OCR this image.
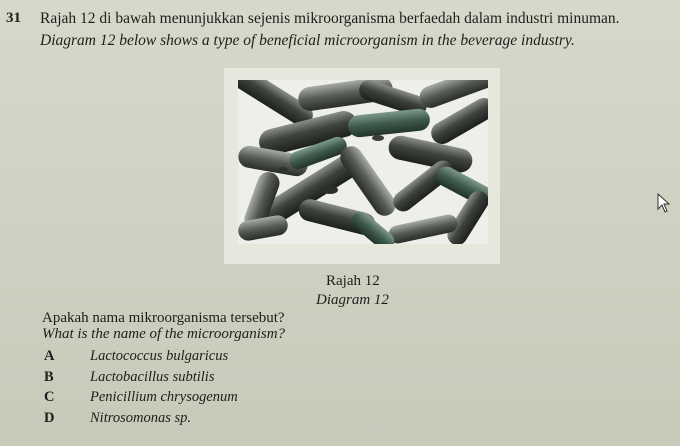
31 Rajah 12 di bawah menunjukkan sejenis mikroorganisma berfaedah dalam industri minuman.
Diagram 12 below shows a type of beneficial microorganism in the beverage industry.
Rajah 12
Diagram 12
Apakah nama mikroorganisma tersebut?
What is the name of the microorganism?
A Lactococcus bulgaricus
B	Lactobacillus subtilis
C Penicillium chrysogenum
D Nitrosomonas sp.
